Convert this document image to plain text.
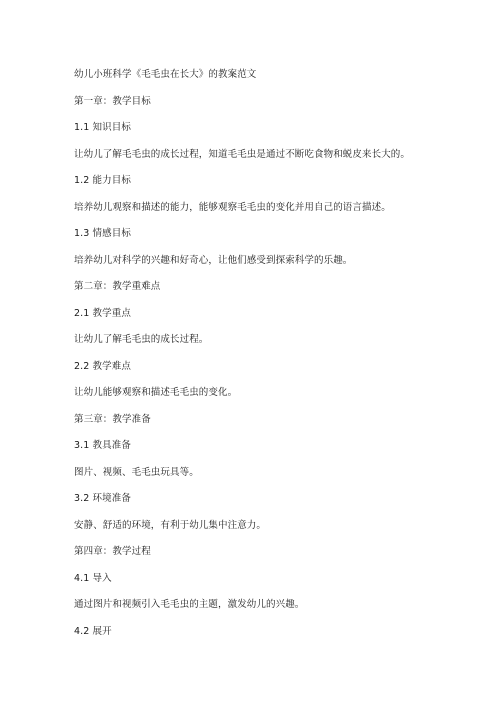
幼儿小班科学《毛毛虫在长大》的教案范文
第一章：教学目标
1.1 知识目标
让幼儿了解毛毛虫的成长过程，知道毛毛虫是通过不断吃食物和蜕皮来长大的。
1.2 能力目标
培养幼儿观察和描述的能力，能够观察毛毛虫的变化并用自己的语言描述。
1.3 情感目标
培养幼儿对科学的兴趣和好奇心，让他们感受到探索科学的乐趣。
第二章：教学重难点
2.1 教学重点
让幼儿了解毛毛虫的成长过程。
2.2 教学难点
让幼儿能够观察和描述毛毛虫的变化。
第三章：教学准备
3.1 教具准备
图片、视频、毛毛虫玩具等。
3.2 环境准备
安静、舒适的环境，有利于幼儿集中注意力。
第四章：教学过程
4.1 导入
通过图片和视频引入毛毛虫的主题，激发幼儿的兴趣。
4.2 展开
